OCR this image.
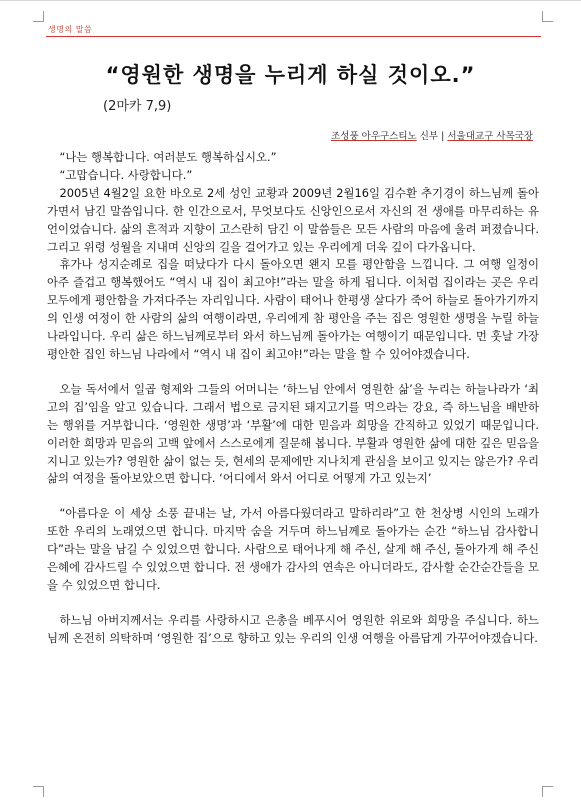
생명의 말씀
“영원한 생명을 누리게 하실 것이오.”
(2마카 7,9)
조성풍 아우구스티노 신부 | 서울대교구 사목국장

“나는 행복합니다. 여러분도 행복하십시오.”

“고맙습니다. 사랑합니다.”

2005년 4월2일 요한 바오로 2세 성인 교황과 2009년 2월16일 김수환 추기경이 하느님께 돌아가면서 남긴 말씀입니다. 한 인간으로서, 무엇보다도 신앙인으로서 자신의 전 생애를 마무리하는 유언이었습니다. 삶의 흔적과 지향이 고스란히 담긴 이 말씀들은 모든 사람의 마음에 울려 퍼졌습니다. 그리고 위령 성월을 지내며 신앙의 길을 걸어가고 있는 우리에게 더욱 깊이 다가옵니다.

휴가나 성지순례로 집을 떠났다가 다시 돌아오면 왠지 모를 평안함을 느낍니다. 그 여행 일정이 아주 즐겁고 행복했어도 “역시 내 집이 최고야!”라는 말을 하게 됩니다. 이처럼 집이라는 곳은 우리 모두에게 평안함을 가져다주는 자리입니다. 사람이 태어나 한평생 살다가 죽어 하늘로 돌아가기까지의 인생 여정이 한 사람의 삶의 여행이라면, 우리에게 참 평안을 주는 집은 영원한 생명을 누릴 하늘나라입니다. 우리 삶은 하느님께로부터 와서 하느님께 돌아가는 여행이기 때문입니다. 먼 훗날 가장 평안한 집인 하느님 나라에서 “역시 내 집이 최고야!”라는 말을 할 수 있어야겠습니다.

오늘 독서에서 일곱 형제와 그들의 어머니는 ‘하느님 안에서 영원한 삶’을 누리는 하늘나라가 ‘최고의 집’임을 알고 있습니다. 그래서 법으로 금지된 돼지고기를 먹으라는 강요, 즉 하느님을 배반하는 행위를 거부합니다. ‘영원한 생명’과 ‘부활’에 대한 믿음과 희망을 간직하고 있었기 때문입니다. 이러한 희망과 믿음의 고백 앞에서 스스로에게 질문해 봅니다. 부활과 영원한 삶에 대한 깊은 믿음을 지니고 있는가? 영원한 삶이 없는 듯, 현세의 문제에만 지나치게 관심을 보이고 있지는 않은가? 우리 삶의 여정을 돌아보았으면 합니다. ‘어디에서 와서 어디로 어떻게 가고 있는지’

“아름다운 이 세상 소풍 끝내는 날, 가서 아름다웠더라고 말하리라”고 한 천상병 시인의 노래가 또한 우리의 노래였으면 합니다. 마지막 숨을 거두며 하느님께로 돌아가는 순간 “하느님 감사합니다”라는 말을 남길 수 있었으면 합니다. 사람으로 태어나게 해 주신, 살게 해 주신, 돌아가게 해 주신 은혜에 감사드릴 수 있었으면 합니다. 전 생애가 감사의 연속은 아니더라도, 감사할 순간순간들을 모을 수 있었으면 합니다.

하느님 아버지께서는 우리를 사랑하시고 은총을 베푸시어 영원한 위로와 희망을 주십니다. 하느님께 온전히 의탁하며 ‘영원한 집’으로 향하고 있는 우리의 인생 여행을 아름답게 가꾸어야겠습니다.
